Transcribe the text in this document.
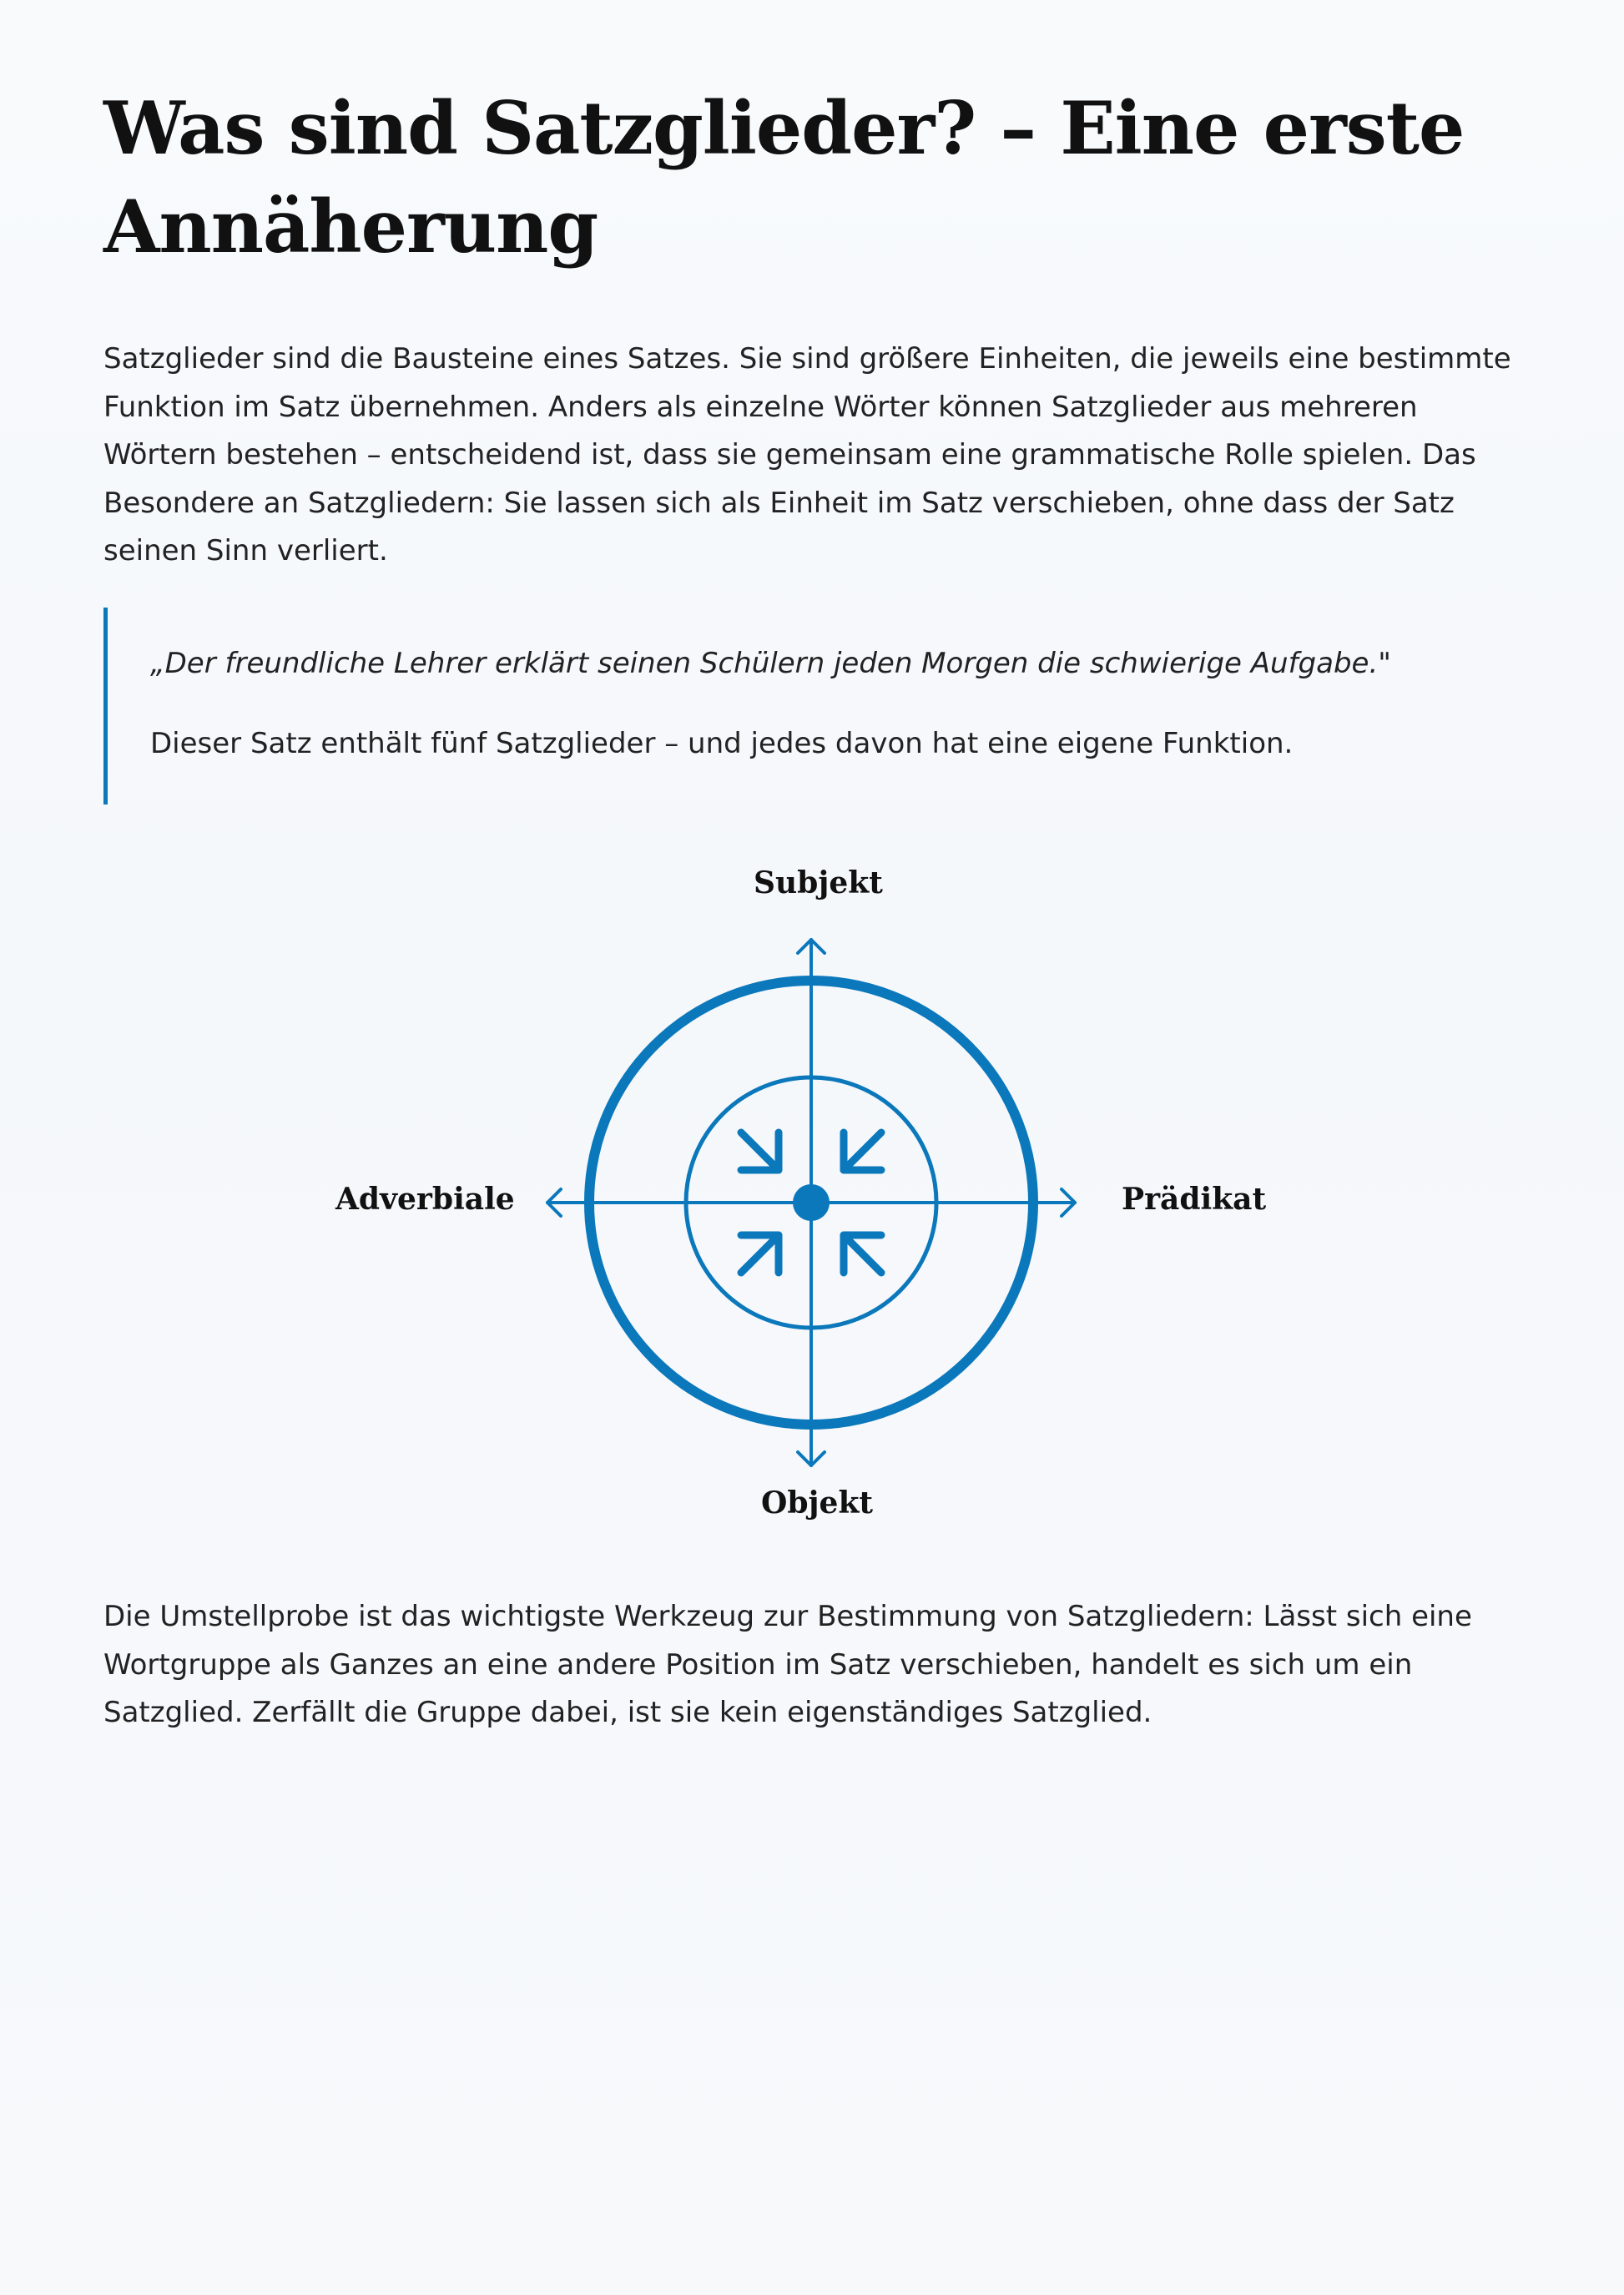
Was sind Satzglieder? – Eine erste Annäherung

Satzglieder sind die Bausteine eines Satzes. Sie sind größere Einheiten, die jeweils eine bestimmte Funktion im Satz übernehmen. Anders als einzelne Wörter können Satzglieder aus mehreren Wörtern bestehen – entscheidend ist, dass sie gemeinsam eine grammatische Rolle spielen. Das Besondere an Satzgliedern: Sie lassen sich als Einheit im Satz verschieben, ohne dass der Satz seinen Sinn verliert.

„Der freundliche Lehrer erklärt seinen Schülern jeden Morgen die schwierige Aufgabe."

Dieser Satz enthält fünf Satzglieder – und jedes davon hat eine eigene Funktion.

Die Umstellprobe ist das wichtigste Werkzeug zur Bestimmung von Satzgliedern: Lässt sich eine Wortgruppe als Ganzes an eine andere Position im Satz verschieben, handelt es sich um ein Satzglied. Zerfällt die Gruppe dabei, ist sie kein eigenständiges Satzglied.

Subjekt
Objekt
Adverbiale	Prädikat
